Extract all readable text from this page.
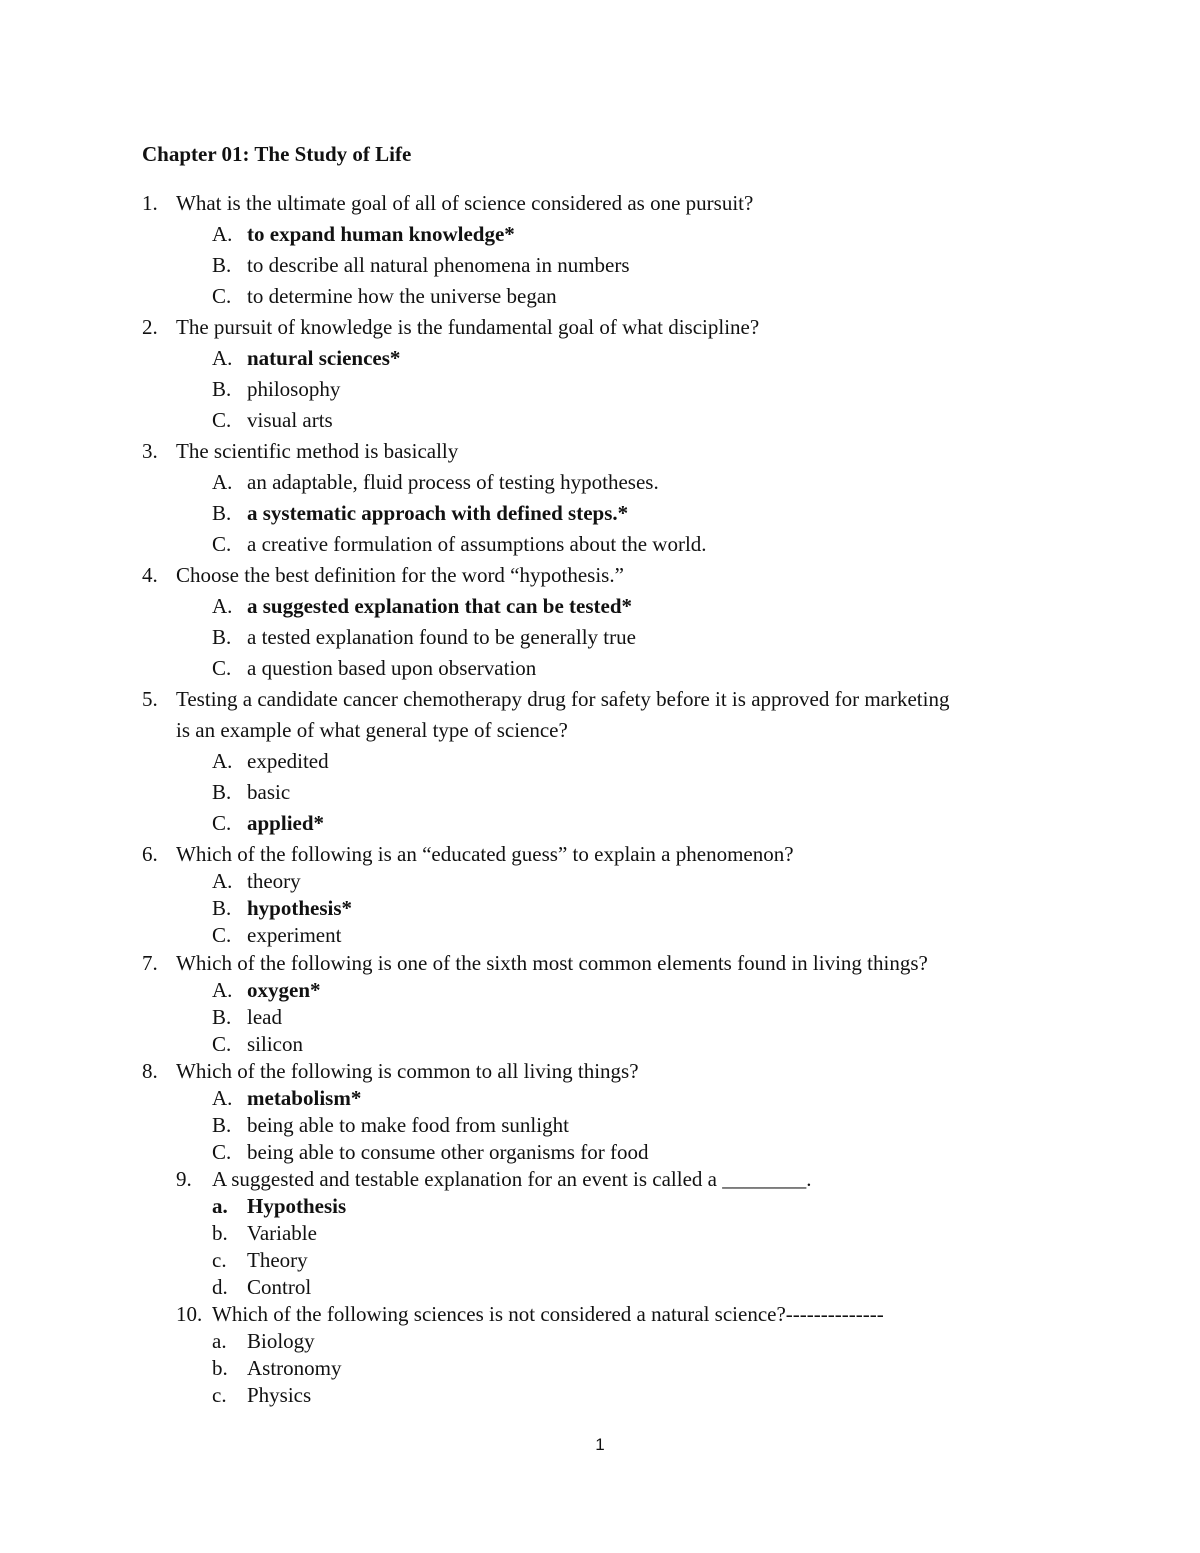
Chapter 01: The Study of Life
1. What is the ultimate goal of all of science considered as one pursuit?
A. to expand human knowledge*
B. to describe all natural phenomena in numbers
C. to determine how the universe began
2. The pursuit of knowledge is the fundamental goal of what discipline?
A. natural sciences*
B. philosophy
C. visual arts
3. The scientific method is basically
A. an adaptable, fluid process of testing hypotheses.
B. a systematic approach with defined steps.*
C. a creative formulation of assumptions about the world.
4. Choose the best definition for the word “hypothesis.”
A. a suggested explanation that can be tested*
B. a tested explanation found to be generally true
C. a question based upon observation
5. Testing a candidate cancer chemotherapy drug for safety before it is approved for marketing
is an example of what general type of science?
A. expedited
B. basic
C. applied*
6. Which of the following is an “educated guess” to explain a phenomenon?
A. theory
B. hypothesis*
C. experiment
7. Which of the following is one of the sixth most common elements found in living things?
A. oxygen*
B. lead
C. silicon
8. Which of the following is common to all living things?
A. metabolism*
B. being able to make food from sunlight
C. being able to consume other organisms for food
9. A suggested and testable explanation for an event is called a ________.
a. Hypothesis
b. Variable
c. Theory
d. Control
10. Which of the following sciences is not considered a natural science?--------------
a. Biology
b. Astronomy
c. Physics
1
